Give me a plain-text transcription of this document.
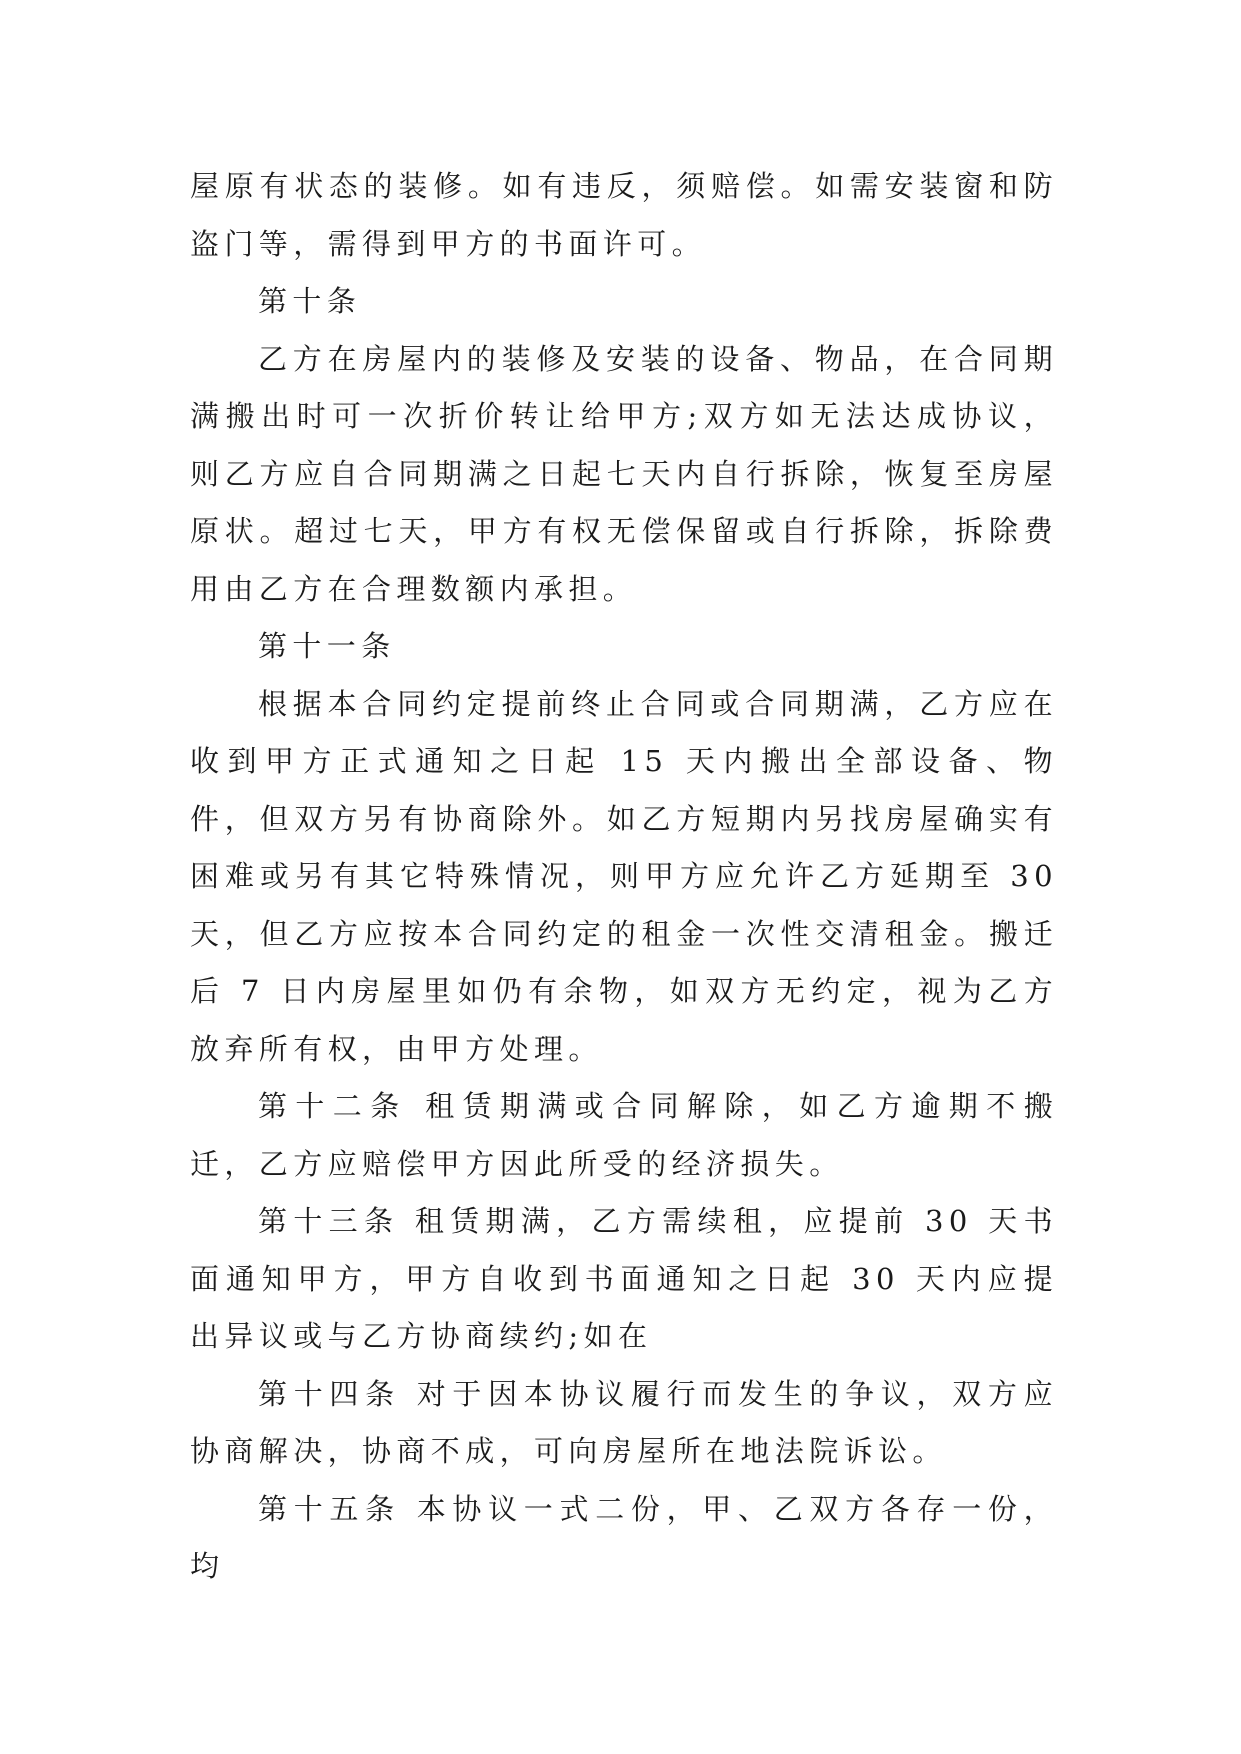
屋原有状态的装修。如有违反，须赔偿。如需安装窗和防盗门等，需得到甲方的书面许可。

第十条

乙方在房屋内的装修及安装的设备、物品，在合同期满搬出时可一次折价转让给甲方;双方如无法达成协议，则乙方应自合同期满之日起七天内自行拆除，恢复至房屋原状。超过七天，甲方有权无偿保留或自行拆除，拆除费用由乙方在合理数额内承担。

第十一条

根据本合同约定提前终止合同或合同期满，乙方应在收到甲方正式通知之日起 15 天内搬出全部设备、物件，但双方另有协商除外。如乙方短期内另找房屋确实有困难或另有其它特殊情况，则甲方应允许乙方延期至 30 天，但乙方应按本合同约定的租金一次性交清租金。搬迁后 7 日内房屋里如仍有余物，如双方无约定，视为乙方放弃所有权，由甲方处理。

第十二条 租赁期满或合同解除，如乙方逾期不搬迁，乙方应赔偿甲方因此所受的经济损失。

第十三条 租赁期满，乙方需续租，应提前 30 天书面通知甲方，甲方自收到书面通知之日起 30 天内应提出异议或与乙方协商续约;如在

第十四条 对于因本协议履行而发生的争议，双方应协商解决，协商不成，可向房屋所在地法院诉讼。

第十五条 本协议一式二份，甲、乙双方各存一份，均
